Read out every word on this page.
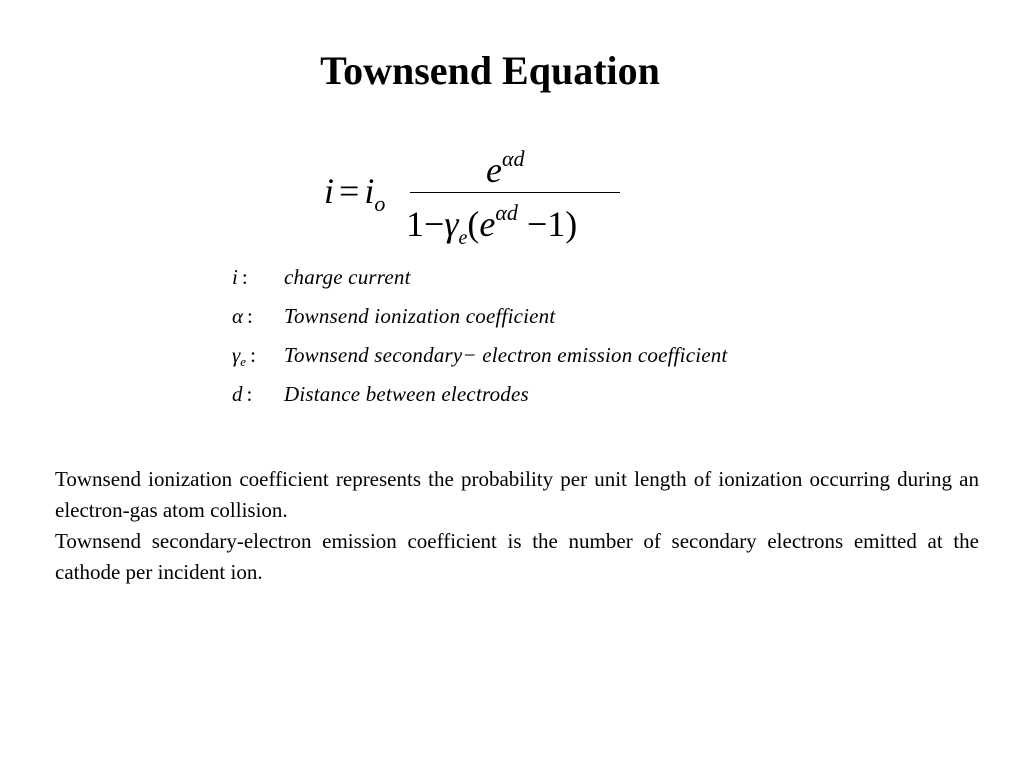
Townsend Equation
$i = i_o$
$e^{\alpha d}$
$1-\gamma_e(e^{\alpha d} -1)$
i : charge current
α : Townsend ionization coefficient
$\gamma_e$ : Townsend secondary− electron emission coefficient
d : Distance between electrodes

Townsend ionization coefficient represents the probability per unit length of ionization occurring during an electron-gas atom collision.

Townsend secondary-electron emission coefficient is the number of secondary electrons emitted at the cathode per incident ion.
